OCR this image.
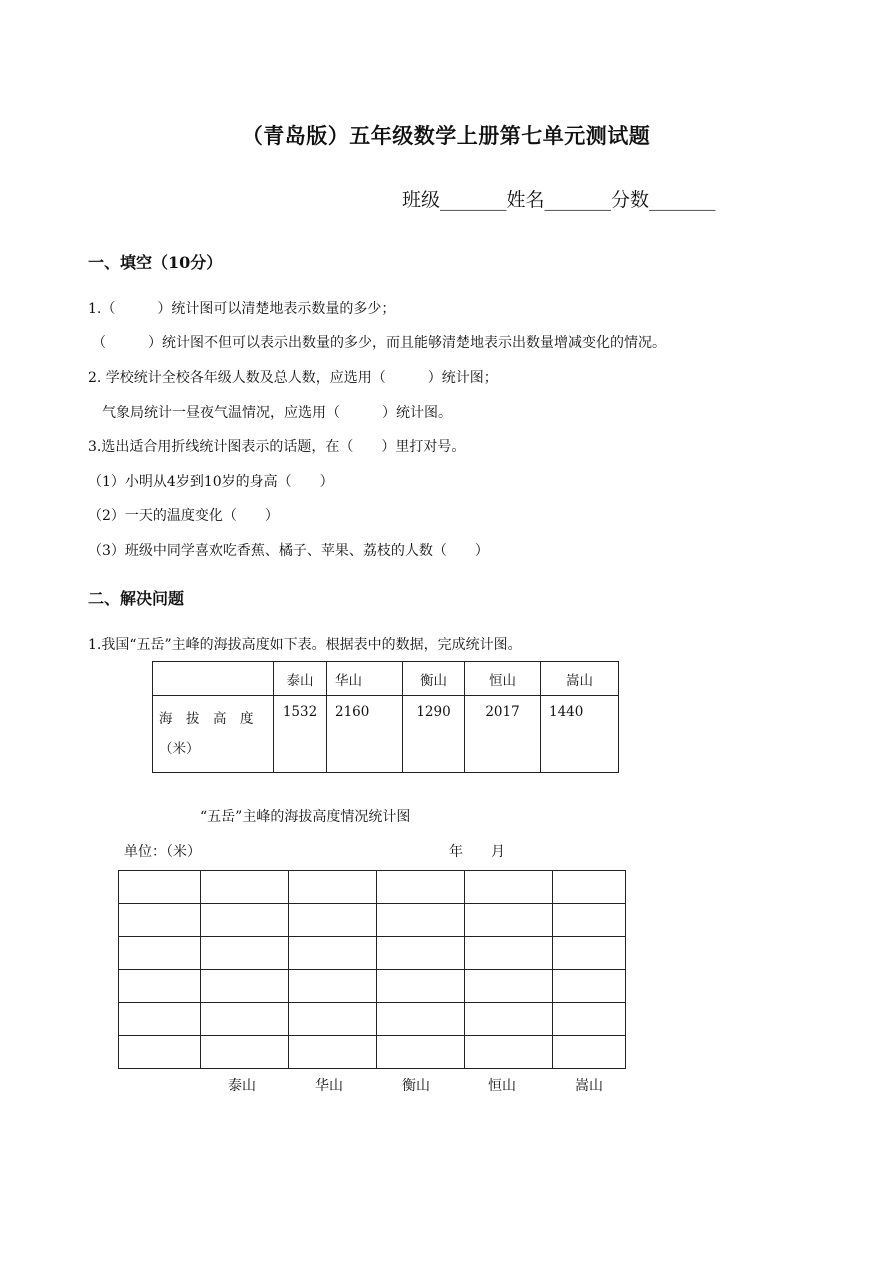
（青岛版）五年级数学上册第七单元测试题
班级_______姓名_______分数_______
一、填空（10分）
1.（　　　）统计图可以清楚地表示数量的多少；
（　　　）统计图不但可以表示出数量的多少，而且能够清楚地表示出数量增减变化的情况。
2. 学校统计全校各年级人数及总人数，应选用（　　　）统计图；
气象局统计一昼夜气温情况，应选用（　　　）统计图。
3.选出适合用折线统计图表示的话题，在（　　）里打对号。
（1）小明从4岁到10岁的身高（　　）
（2）一天的温度变化（　　）
（3）班级中同学喜欢吃香蕉、橘子、苹果、荔枝的人数（　　）
二、解决问题
1.我国“五岳”主峰的海拔高度如下表。根据表中的数据，完成统计图。
	泰山	华山	衡山	恒山	嵩山
海　拔　高　度（米）	1532	2160	1290	2017	1440
“五岳”主峰的海拔高度情况统计图
单位：（米）	年　　月

泰山	华山	衡山	恒山	嵩山
